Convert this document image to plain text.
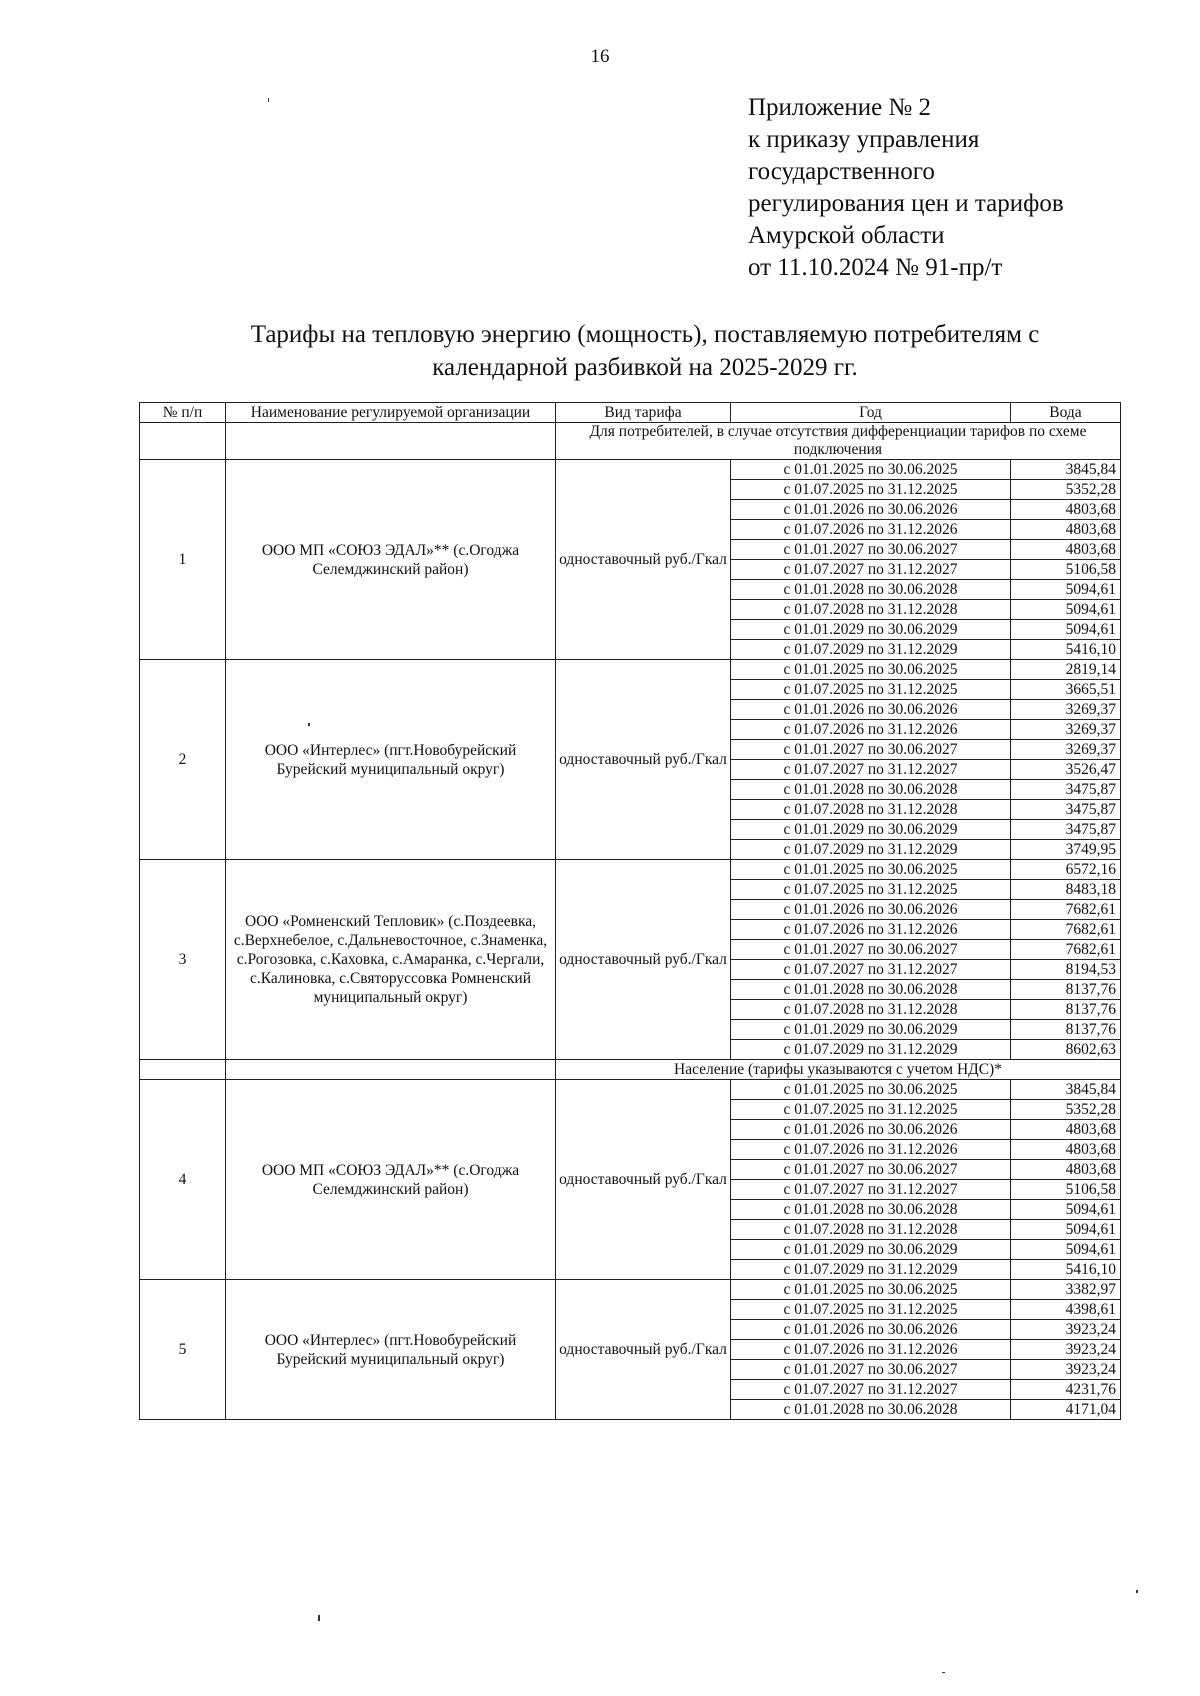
16
Приложение № 2
к приказу управления
государственного
регулирования цен и тарифов
Амурской области
от 11.10.2024 № 91-пр/т
Тарифы на тепловую энергию (мощность), поставляемую потребителям с
календарной разбивкой на 2025-2029 гг.
№ п/п	Наименование регулируемой организации	Вид тарифа	Год	Вода
		Для потребителей, в случае отсутствия дифференциации тарифов по схеме подключения		
1	ООО МП «СОЮЗ ЭДАЛ»** (с.Огоджа Селемджинский район)	одноставочный руб./Гкал	с 01.01.2025 по 30.06.2025	3845,84
			с 01.07.2025 по 31.12.2025	5352,28
			с 01.01.2026 по 30.06.2026	4803,68
			с 01.07.2026 по 31.12.2026	4803,68
			с 01.01.2027 по 30.06.2027	4803,68
			с 01.07.2027 по 31.12.2027	5106,58
			с 01.01.2028 по 30.06.2028	5094,61
			с 01.07.2028 по 31.12.2028	5094,61
			с 01.01.2029 по 30.06.2029	5094,61
			с 01.07.2029 по 31.12.2029	5416,10
2	ООО «Интерлес» (пгт.Новобурейский Бурейский муниципальный округ)	одноставочный руб./Гкал	с 01.01.2025 по 30.06.2025	2819,14
			с 01.07.2025 по 31.12.2025	3665,51
			с 01.01.2026 по 30.06.2026	3269,37
			с 01.07.2026 по 31.12.2026	3269,37
			с 01.01.2027 по 30.06.2027	3269,37
			с 01.07.2027 по 31.12.2027	3526,47
			с 01.01.2028 по 30.06.2028	3475,87
			с 01.07.2028 по 31.12.2028	3475,87
			с 01.01.2029 по 30.06.2029	3475,87
			с 01.07.2029 по 31.12.2029	3749,95
3	ООО «Ромненский Тепловик» (с.Поздеевка, с.Верхнебелое, с.Дальневосточное, с.Знаменка, с.Рогозовка, с.Каховка, с.Амаранка, с.Чергали, с.Калиновка, с.Святоруссовка Ромненский муниципальный округ)	одноставочный руб./Гкал	с 01.01.2025 по 30.06.2025	6572,16
			с 01.07.2025 по 31.12.2025	8483,18
			с 01.01.2026 по 30.06.2026	7682,61
			с 01.07.2026 по 31.12.2026	7682,61
			с 01.01.2027 по 30.06.2027	7682,61
			с 01.07.2027 по 31.12.2027	8194,53
			с 01.01.2028 по 30.06.2028	8137,76
			с 01.07.2028 по 31.12.2028	8137,76
			с 01.01.2029 по 30.06.2029	8137,76
			с 01.07.2029 по 31.12.2029	8602,63
		Население (тарифы указываются с учетом НДС)*		
4	ООО МП «СОЮЗ ЭДАЛ»** (с.Огоджа Селемджинский район)	одноставочный руб./Гкал	с 01.01.2025 по 30.06.2025	3845,84
			с 01.07.2025 по 31.12.2025	5352,28
			с 01.01.2026 по 30.06.2026	4803,68
			с 01.07.2026 по 31.12.2026	4803,68
			с 01.01.2027 по 30.06.2027	4803,68
			с 01.07.2027 по 31.12.2027	5106,58
			с 01.01.2028 по 30.06.2028	5094,61
			с 01.07.2028 по 31.12.2028	5094,61
			с 01.01.2029 по 30.06.2029	5094,61
			с 01.07.2029 по 31.12.2029	5416,10
5	ООО «Интерлес» (пгт.Новобурейский Бурейский муниципальный округ)	одноставочный руб./Гкал	с 01.01.2025 по 30.06.2025	3382,97
			с 01.07.2025 по 31.12.2025	4398,61
			с 01.01.2026 по 30.06.2026	3923,24
			с 01.07.2026 по 31.12.2026	3923,24
			с 01.01.2027 по 30.06.2027	3923,24
			с 01.07.2027 по 31.12.2027	4231,76
			с 01.01.2028 по 30.06.2028	4171,04
